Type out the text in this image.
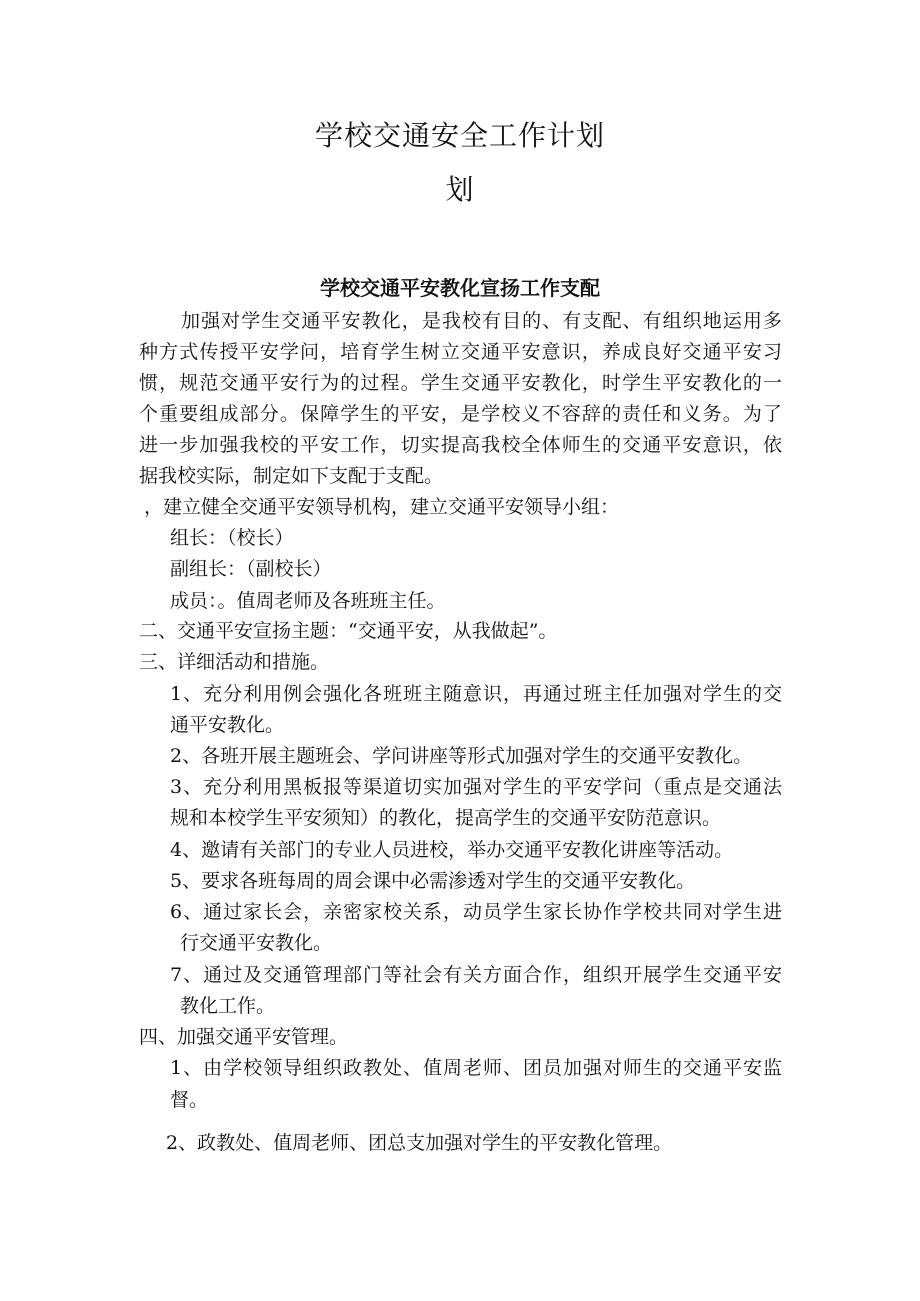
学校交通安全工作计划
划
学校交通平安教化宣扬工作支配
加强对学生交通平安教化，是我校有目的、有支配、有组织地运用多
种方式传授平安学问，培育学生树立交通平安意识，养成良好交通平安习
惯，规范交通平安行为的过程。学生交通平安教化，时学生平安教化的一
个重要组成部分。保障学生的平安，是学校义不容辞的责任和义务。为了
进一步加强我校的平安工作，切实提高我校全体师生的交通平安意识，依
据我校实际，制定如下支配于支配。
，建立健全交通平安领导机构，建立交通平安领导小组：
组长：（校长）
副组长：（副校长）
成员：。值周老师及各班班主任。
二、交通平安宣扬主题：“交通平安，从我做起”。
三、详细活动和措施。
1、充分利用例会强化各班班主随意识，再通过班主任加强对学生的交
通平安教化。
2、各班开展主题班会、学问讲座等形式加强对学生的交通平安教化。
3、充分利用黑板报等渠道切实加强对学生的平安学问（重点是交通法
规和本校学生平安须知）的教化，提高学生的交通平安防范意识。
4、邀请有关部门的专业人员进校，举办交通平安教化讲座等活动。
5、要求各班每周的周会课中必需渗透对学生的交通平安教化。
6、通过家长会，亲密家校关系，动员学生家长协作学校共同对学生进
行交通平安教化。
7、通过及交通管理部门等社会有关方面合作，组织开展学生交通平安
教化工作。
四、加强交通平安管理。
1、由学校领导组织政教处、值周老师、团员加强对师生的交通平安监
督。
2、政教处、值周老师、团总支加强对学生的平安教化管理。
